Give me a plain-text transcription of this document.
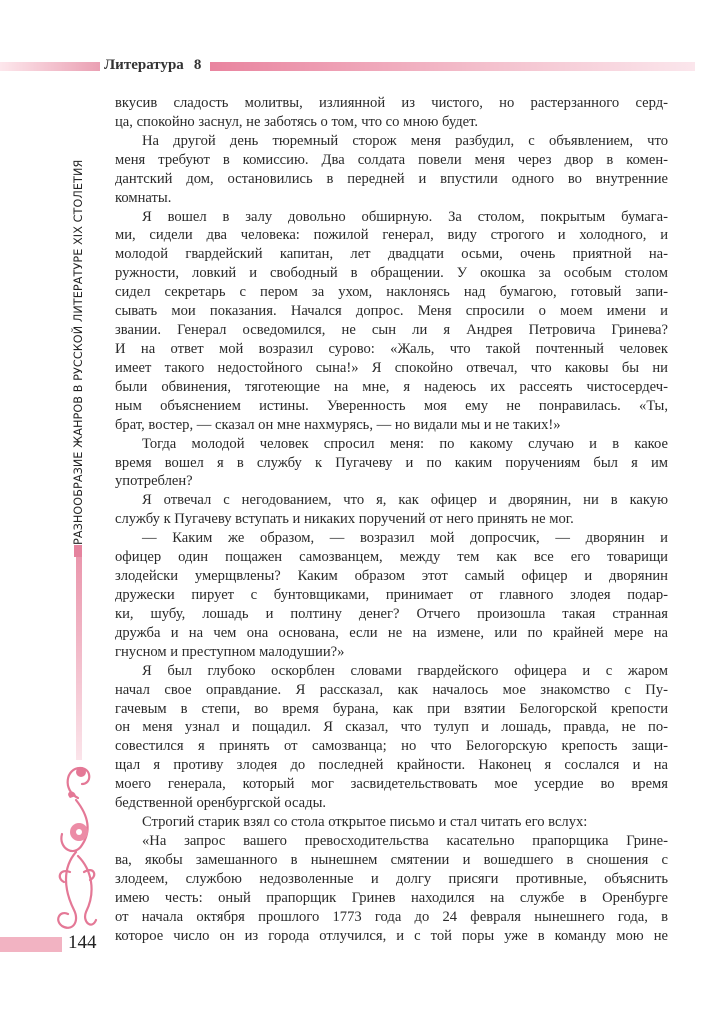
Литература 8
РАЗНООБРАЗИЕ ЖАНРОВ В РУССКОЙ ЛИТЕРАТУРЕ XIX СТОЛЕТИЯ
144
вкусив сладость молитвы, излиянной из чистого, но растерзанного серд-
ца, спокойно заснул, не заботясь о том, что со мною будет.
На другой день тюремный сторож меня разбудил, с объявлением, что
меня требуют в комиссию. Два солдата повели меня через двор в комен-
дантский дом, остановились в передней и впустили одного во внутренние
комнаты.
Я вошел в залу довольно обширную. За столом, покрытым бумага-
ми, сидели два человека: пожилой генерал, виду строгого и холодного, и
молодой гвардейский капитан, лет двадцати осьми, очень приятной на-
ружности, ловкий и свободный в обращении. У окошка за особым столом
сидел секретарь с пером за ухом, наклонясь над бумагою, готовый запи-
сывать мои показания. Начался допрос. Меня спросили о моем имени и
звании. Генерал осведомился, не сын ли я Андрея Петровича Гринева?
И на ответ мой возразил сурово: «Жаль, что такой почтенный человек
имеет такого недостойного сына!» Я спокойно отвечал, что каковы бы ни
были обвинения, тяготеющие на мне, я надеюсь их рассеять чистосердеч-
ным объяснением истины. Уверенность моя ему не понравилась. «Ты,
брат, востер, — сказал он мне нахмурясь, — но видали мы и не таких!»
Тогда молодой человек спросил меня: по какому случаю и в какое
время вошел я в службу к Пугачеву и по каким поручениям был я им
употреблен?
Я отвечал с негодованием, что я, как офицер и дворянин, ни в какую
службу к Пугачеву вступать и никаких поручений от него принять не мог.
— Каким же образом, — возразил мой допросчик, — дворянин и
офицер один пощажен самозванцем, между тем как все его товарищи
злодейски умерщвлены? Каким образом этот самый офицер и дворянин
дружески пирует с бунтовщиками, принимает от главного злодея подар-
ки, шубу, лошадь и полтину денег? Отчего произошла такая странная
дружба и на чем она основана, если не на измене, или по крайней мере на
гнусном и преступном малодушии?»
Я был глубоко оскорблен словами гвардейского офицера и с жаром
начал свое оправдание. Я рассказал, как началось мое знакомство с Пу-
гачевым в степи, во время бурана, как при взятии Белогорской крепости
он меня узнал и пощадил. Я сказал, что тулуп и лошадь, правда, не по-
совестился я принять от самозванца; но что Белогорскую крепость защи-
щал я противу злодея до последней крайности. Наконец я сослался и на
моего генерала, который мог засвидетельствовать мое усердие во время
бедственной оренбургской осады.
Строгий старик взял со стола открытое письмо и стал читать его вслух:
«На запрос вашего превосходительства касательно прапорщика Грине-
ва, якобы замешанного в нынешнем смятении и вошедшего в сношения с
злодеем, службою недозволенные и долгу присяги противные, объяснить
имею честь: оный прапорщик Гринев находился на службе в Оренбурге
от начала октября прошлого 1773 года до 24 февраля нынешнего года, в
которое число он из города отлучился, и с той поры уже в команду мою не
